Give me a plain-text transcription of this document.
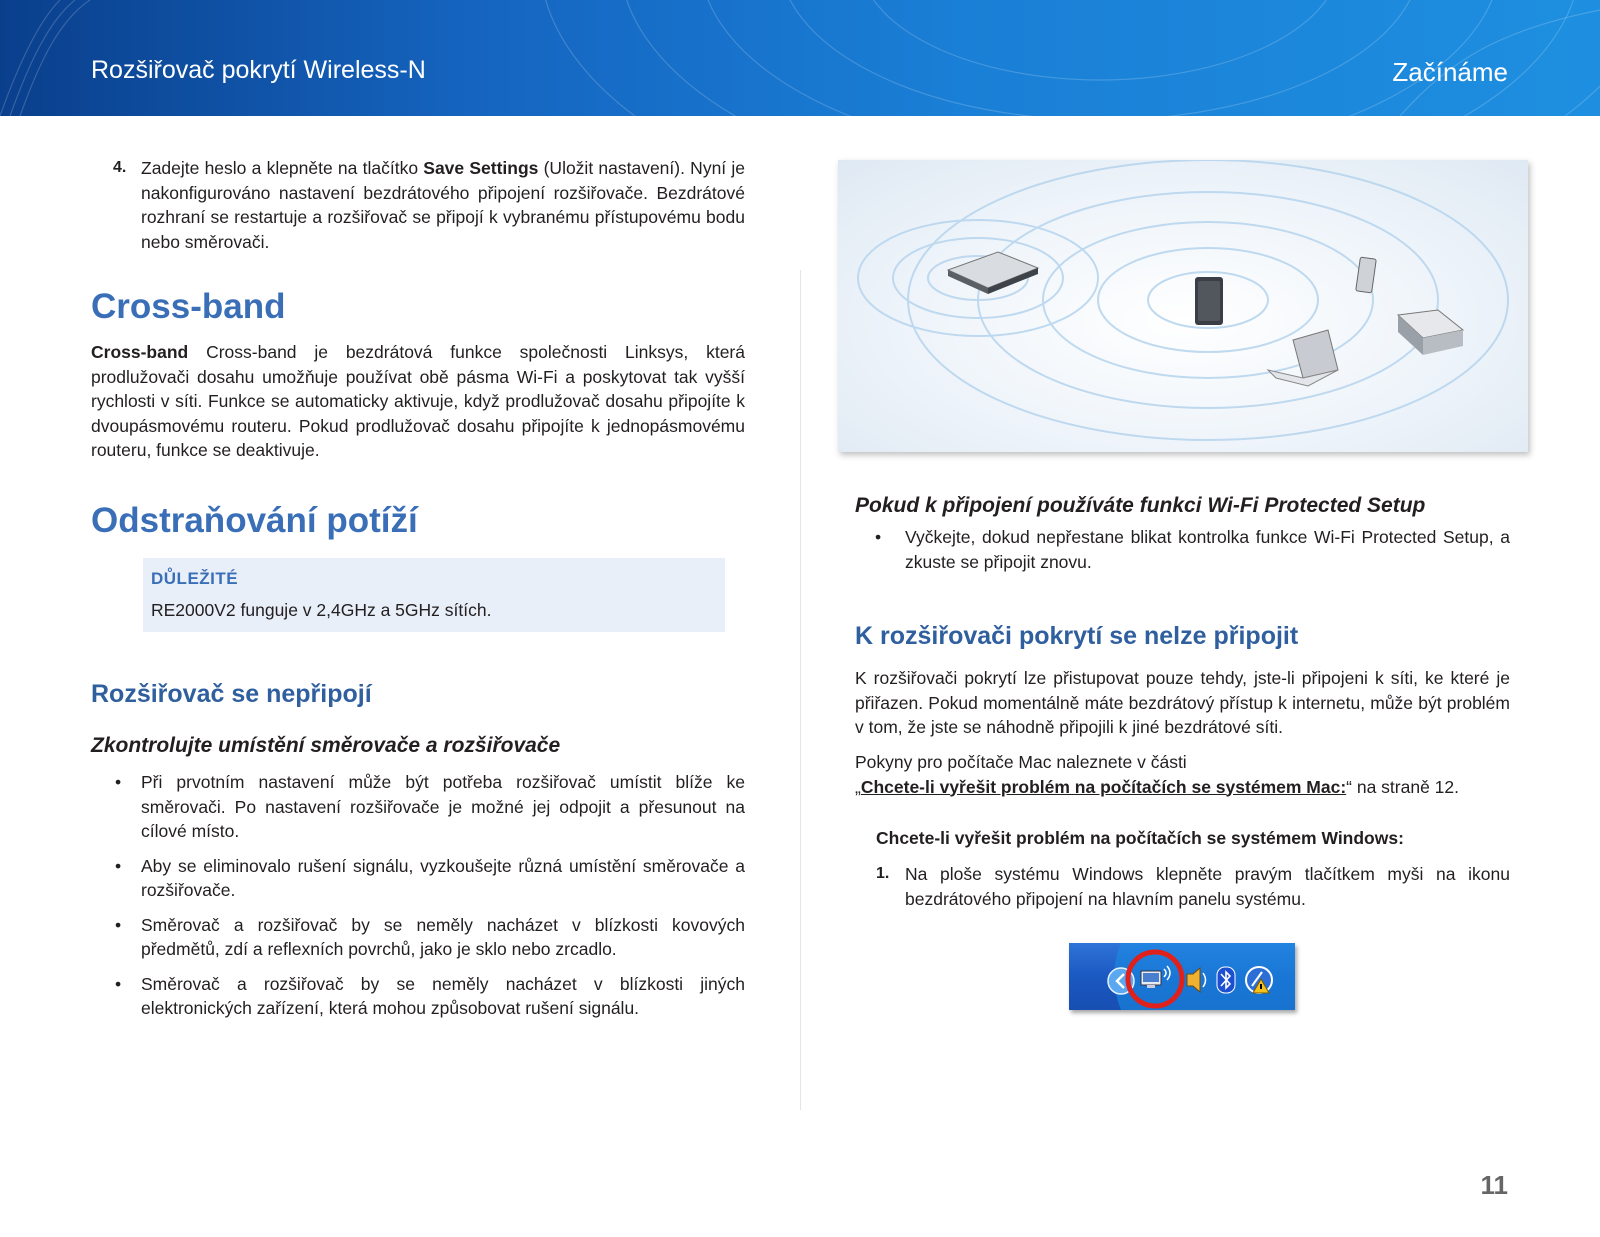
Rozšiřovač pokrytí Wireless-N	Začínáme
4. Zadejte heslo a klepněte na tlačítko Save Settings (Uložit nastavení). Nyní je nakonfigurováno nastavení bezdrátového připojení rozšiřovače. Bezdrátové rozhraní se restartuje a rozšiřovač se připojí k vybranému přístupovému bodu nebo směrovači.
Cross-band
Cross-band Cross-band je bezdrátová funkce společnosti Linksys, která prodlužovači dosahu umožňuje používat obě pásma Wi-Fi a poskytovat tak vyšší rychlosti v síti. Funkce se automaticky aktivuje, když prodlužovač dosahu připojíte k dvoupásmovému routeru. Pokud prodlužovač dosahu připojíte k jednopásmovému routeru, funkce se deaktivuje.
Odstraňování potíží
DŮLEŽITÉ
RE2000V2 funguje v 2,4GHz a 5GHz sítích.
Rozšiřovač se nepřipojí
Zkontrolujte umístění směrovače a rozšiřovače
• Při prvotním nastavení může být potřeba rozšiřovač umístit blíže ke směrovači. Po nastavení rozšiřovače je možné jej odpojit a přesunout na cílové místo.
• Aby se eliminovalo rušení signálu, vyzkoušejte různá umístění směrovače a rozšiřovače.
• Směrovač a rozšiřovač by se neměly nacházet v blízkosti kovových předmětů, zdí a reflexních povrchů, jako je sklo nebo zrcadlo.
• Směrovač a rozšiřovač by se neměly nacházet v blízkosti jiných elektronických zařízení, která mohou způsobovat rušení signálu.
Pokud k připojení používáte funkci Wi-Fi Protected Setup
• Vyčkejte, dokud nepřestane blikat kontrolka funkce Wi-Fi Protected Setup, a zkuste se připojit znovu.
K rozšiřovači pokrytí se nelze připojit
K rozšiřovači pokrytí lze přistupovat pouze tehdy, jste-li připojeni k síti, ke které je přiřazen. Pokud momentálně máte bezdrátový přístup k internetu, může být problém v tom, že jste se náhodně připojili k jiné bezdrátové síti.
Pokyny pro počítače Mac naleznete v části
„Chcete-li vyřešit problém na počítačích se systémem Mac:“ na straně 12.
Chcete-li vyřešit problém na počítačích se systémem Windows:
1. Na ploše systému Windows klepněte pravým tlačítkem myši na ikonu bezdrátového připojení na hlavním panelu systému.
11
